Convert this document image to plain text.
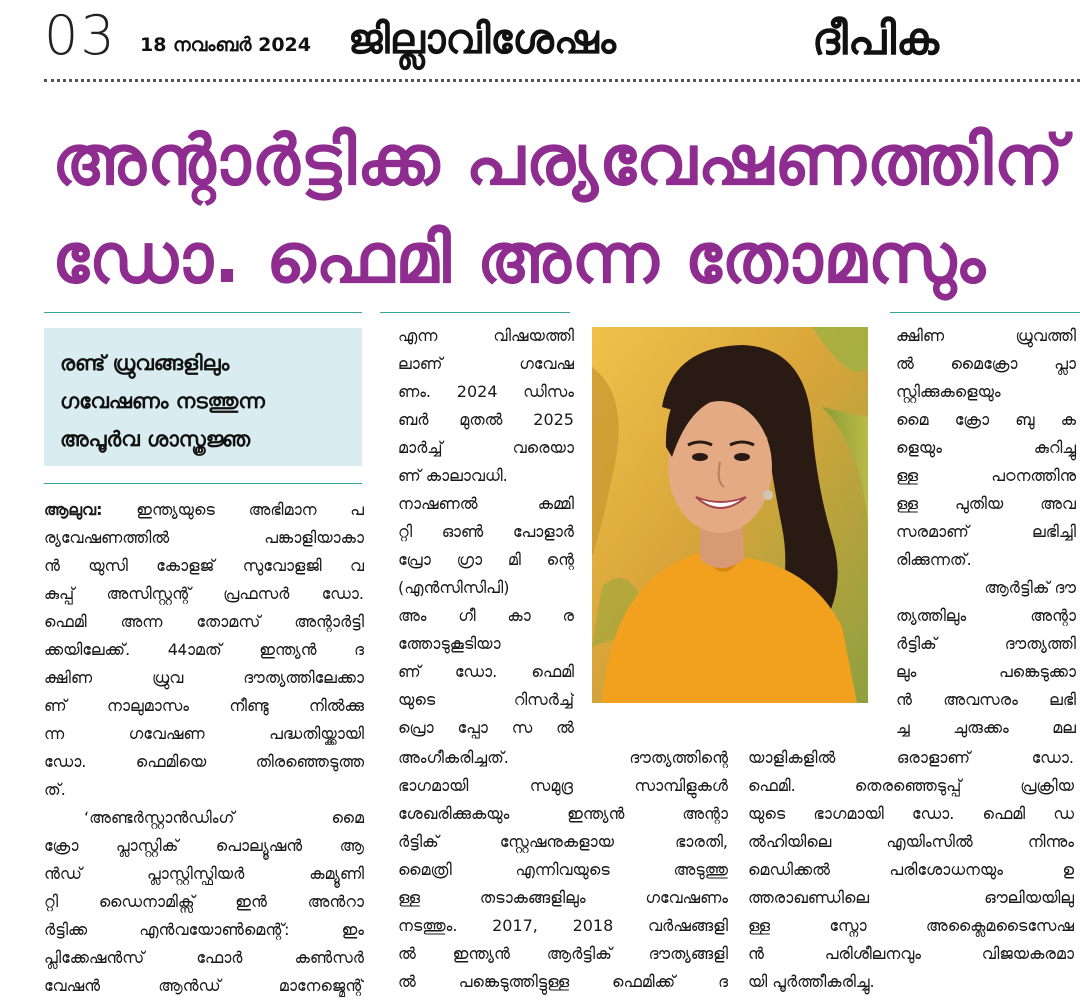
03 18 നവംബർ 2024 ജില്ലാവിശേഷം	ദീപിക
അന്റാർട്ടിക്ക പര്യവേഷണത്തിന്
ഡോ. ഫെമി അന്ന തോമസും
രണ്ട് ധ്രുവങ്ങളിലും
ഗവേഷണം നടത്തുന്ന
അപൂർവ ശാസ്ത്രജ്ഞ
ആലുവ: ഇന്ത്യയുടെ അഭിമാന പ
ര്യവേഷണത്തിൽ പങ്കാളിയാകാ
ൻ യുസി കോളജ് സുവോളജി വ
കുപ്പ് അസിസ്റ്റന്റ് പ്രഫസർ ഡോ.
ഫെമി അന്ന തോമസ് അന്റാർട്ടി
ക്കയിലേക്ക്. 44ാമത് ഇന്ത്യൻ ദ
ക്ഷിണ ധ്രുവ ദൗത്യത്തിലേക്കാ
ണ് നാലുമാസം നീണ്ടു നിൽക്കു
ന്ന ഗവേഷണ പദ്ധതിയ്ക്കായി
ഡോ. ഫെമിയെ തിരഞ്ഞെടുത്ത
ത്.
‘അണ്ടർസ്റ്റാൻഡിംഗ് മൈ
ക്രോ പ്ലാസ്റ്റിക് പൊല്യൂഷൻ ആ
ൻഡ് പ്ലാസ്റ്റിസ്ഫിയർ കമ്യൂണി
റ്റി ഡൈനാമിക്സ് ഇൻ അൻറാ
ർട്ടിക്ക എൻവയോൺമെന്റ്: ഇം
പ്ലിക്കേഷൻസ് ഫോർ കൺസർ
വേഷൻ ആൻഡ് മാനേജ്മെന്റ്
എന്ന വിഷയത്തി
ലാണ് ഗവേഷ
ണം. 2024 ഡിസം
ബർ മുതൽ 2025
മാർച്ച് വരെയാ
ണ് കാലാവധി.
നാഷണൽ കമ്മി
റ്റി ഓൺ പോളാർ
പ്രോ ഗ്രാ മി ന്റെ
(എൻസിസിപി)
അം ഗീ കാ ര
ത്തോടുകൂടിയാ
ണ് ഡോ. ഫെമി
യുടെ റിസർച്ച്
പ്രൊ പ്പോ സ ൽ
അംഗീകരിച്ചത്. ദൗത്യത്തിന്റെ
ഭാഗമായി സമുദ്ര സാമ്പിളുകൾ
ശേഖരിക്കുകയും ഇന്ത്യൻ അന്റാ
ർട്ടിക് സ്റ്റേഷനുകളായ ഭാരതി,
മൈത്രി എന്നിവയുടെ അടുത്തു
ള്ള തടാകങ്ങളിലും ഗവേഷണം
നടത്തും. 2017, 2018 വർഷങ്ങളി
ൽ ഇന്ത്യൻ ആർട്ടിക് ദൗത്യങ്ങളി
ൽ പങ്കെടുത്തിട്ടുള്ള ഫെമിക്ക് ദ
ക്ഷിണ ധ്രുവത്തി
ൽ മൈക്രോ പ്ലാ
സ്റ്റിക്കുകളെയും
മൈ ക്രോ ബു ക
ളെയും കുറിച്ചു
ള്ള പഠനത്തിനു
ള്ള പുതിയ അവ
സരമാണ് ലഭിച്ചി
രിക്കുന്നത്.
ആർട്ടിക് ദൗ
ത്യത്തിലും അന്റാ
ർട്ടിക് ദൗത്യത്തി
ലും പങ്കെടുക്കാ
ൻ അവസരം ലഭി
ച്ച ചുരുക്കം മല
യാളികളിൽ ഒരാളാണ് ഡോ.
ഫെമി. തെരഞ്ഞെടുപ്പ് പ്രക്രിയ
യുടെ ഭാഗമായി ഡോ. ഫെമി ഡ
ൽഹിയിലെ എയിംസിൽ നിന്നും
മെഡിക്കൽ പരിശോധനയും ഉ
ത്തരാഖണ്ഡിലെ ഔലിയയിലു
ള്ള സ്നോ അക്ലൈമടൈസേഷ
ൻ പരിശീലനവും വിജയകരമാ
യി പൂർത്തീകരിച്ചു.
